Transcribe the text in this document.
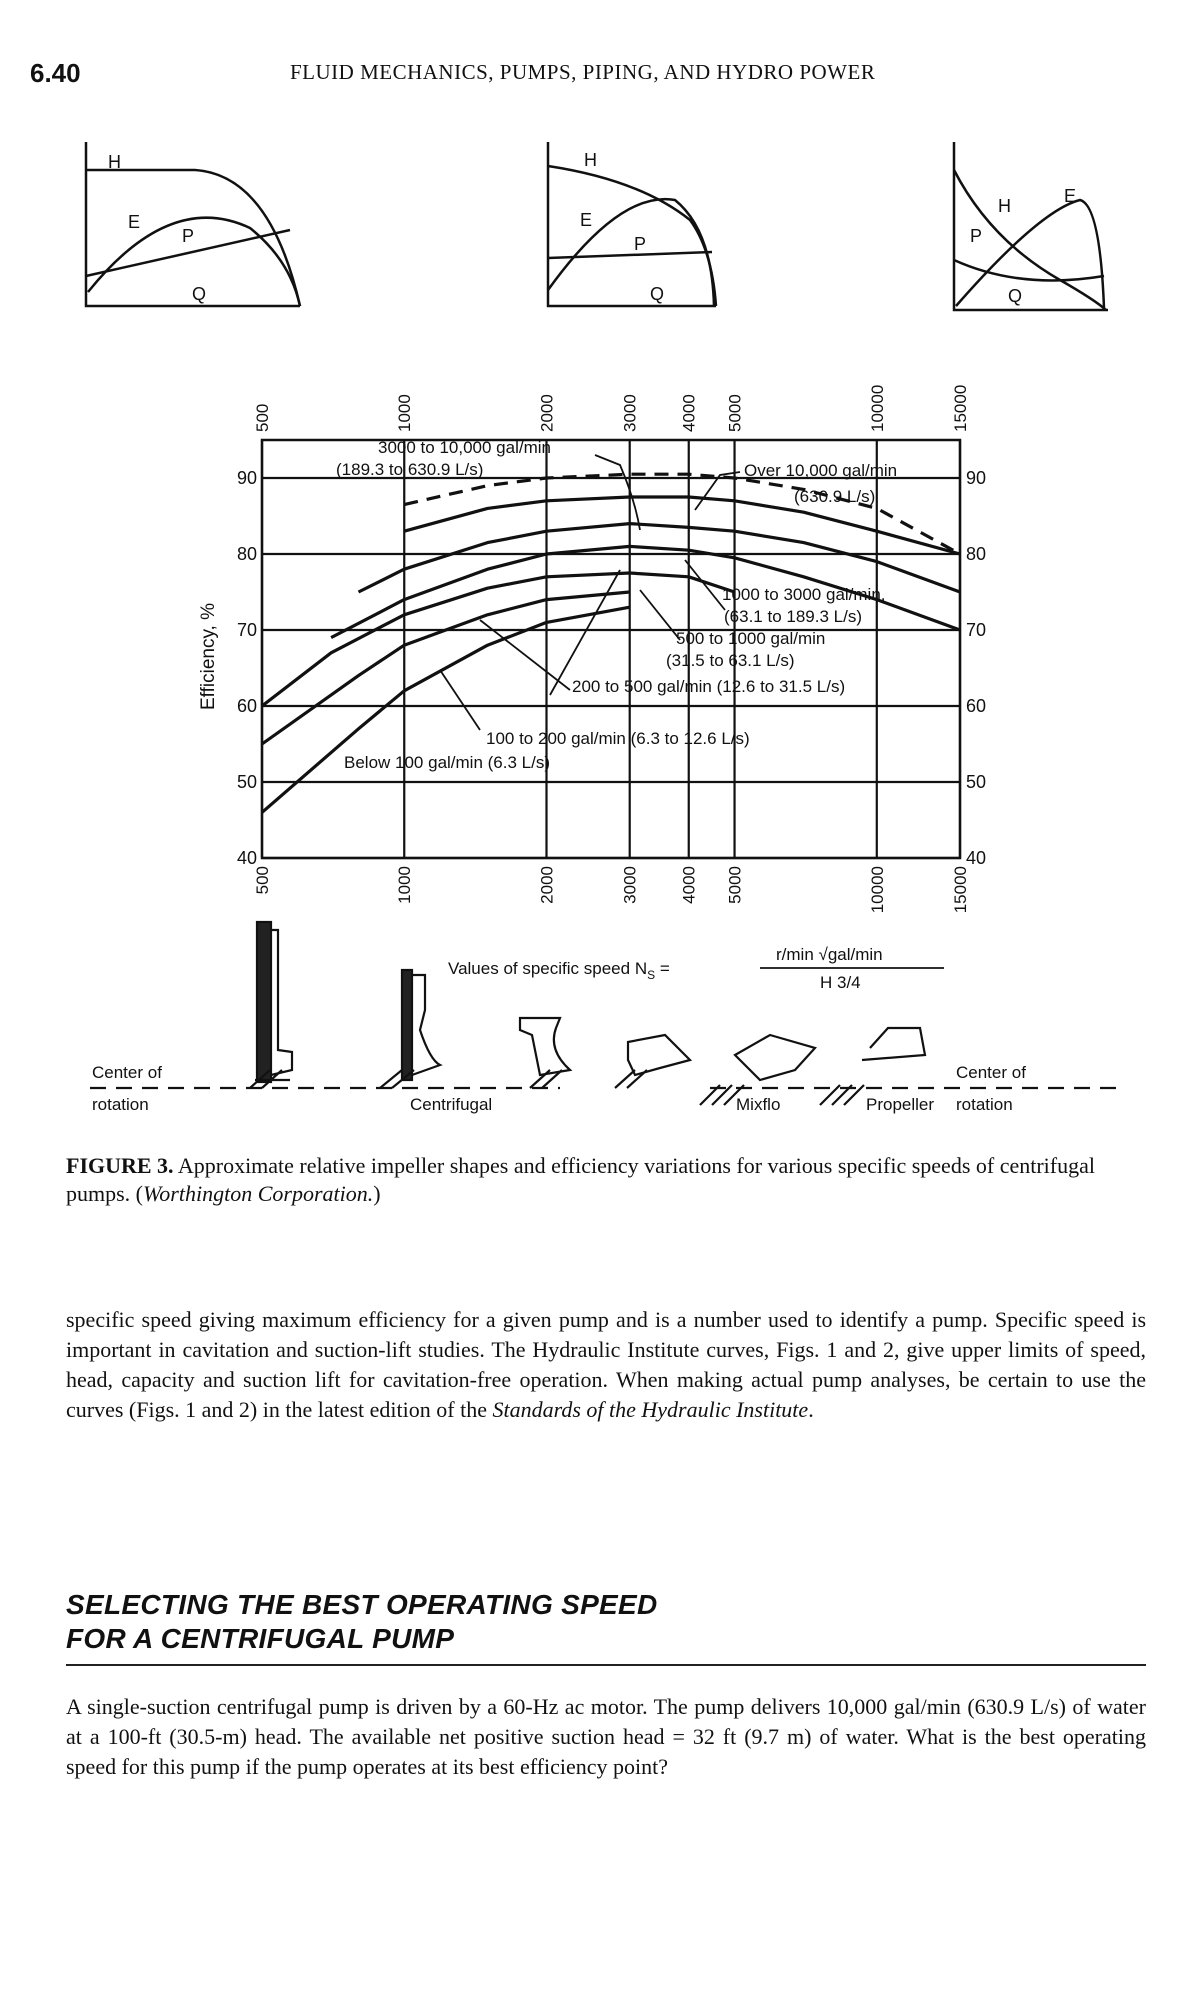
6.40	FLUID MECHANICS, PUMPS, PIPING, AND HYDRO POWER
H
E
P
Q
H
E
P
Q
H	E
P
Q
40	40
50	50
60	60
70	70
80	80
90	90
500
500
1000
1000
2000
2000
3000
3000
4000
4000
5000
5000
10000
10000
15000
15000
Efficiency, %
3000 to 10,000 gal/min
(189.3 to 630.9 L/s)	Over 10,000 gal/min
(630.9 L/s)
1000 to 3000 gal/min,
(63.1 to 189.3 L/s)
500 to 1000 gal/min
(31.5 to 63.1 L/s)
200 to 500 gal/min (12.6 to 31.5 L/s)
100 to 200 gal/min (6.3 to 12.6 L/s)
Below 100 gal/min (6.3 L/s)
Values of specific speed $N_S$ =
r/min √gal/min
H 3/4
Center of
rotation	Centrifugal	Mixflo	Propeller
Center of
rotation
FIGURE 3. Approximate relative impeller shapes and efficiency variations for various specific speeds of centrifugal pumps. (Worthington Corporation.)

specific speed giving maximum efficiency for a given pump and is a number used to identify a pump. Specific speed is important in cavitation and suction-lift studies. The Hydraulic Institute curves, Figs. 1 and 2, give upper limits of speed, head, capacity and suction lift for cavitation-free operation. When making actual pump analyses, be certain to use the curves (Figs. 1 and 2) in the latest edition of the Standards of the Hydraulic Institute.

SELECTING THE BEST OPERATING SPEED
FOR A CENTRIFUGAL PUMP

A single-suction centrifugal pump is driven by a 60-Hz ac motor. The pump delivers 10,000 gal/min (630.9 L/s) of water at a 100-ft (30.5-m) head. The available net positive suction head = 32 ft (9.7 m) of water. What is the best operating speed for this pump if the pump operates at its best efficiency point?
